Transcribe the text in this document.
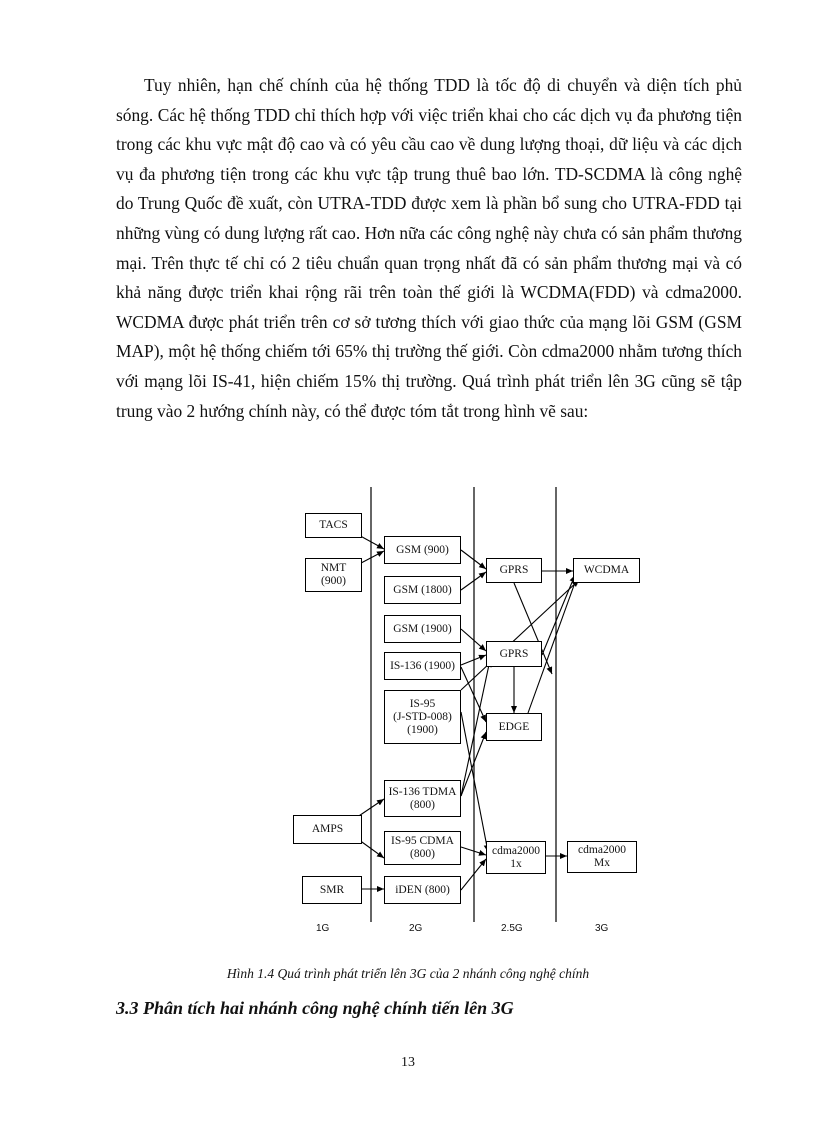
Tuy nhiên, hạn chế chính của hệ thống TDD là tốc độ di chuyển và diện tích phủ sóng. Các hệ thống TDD chỉ thích hợp với việc triển khai cho các dịch vụ đa phương tiện trong các khu vực mật độ cao và có yêu cầu cao về dung lượng thoại, dữ liệu và các dịch vụ đa phương tiện trong các khu vực tập trung thuê bao lớn. TD-SCDMA là công nghệ do Trung Quốc đề xuất, còn UTRA-TDD được xem là phần bổ sung cho UTRA-FDD tại những vùng có dung lượng rất cao. Hơn nữa các công nghệ này chưa có sản phẩm thương mại. Trên thực tế chỉ có 2 tiêu chuẩn quan trọng nhất đã có sản phẩm thương mại và có khả năng được triển khai rộng rãi trên toàn thế giới là WCDMA(FDD) và cdma2000. WCDMA được phát triển trên cơ sở tương thích với giao thức của mạng lõi GSM (GSM MAP), một hệ thống chiếm tới 65% thị trường thế giới. Còn cdma2000 nhằm tương thích với mạng lõi IS-41, hiện chiếm 15% thị trường. Quá trình phát triển lên 3G cũng sẽ tập trung vào 2 hướng chính này, có thể được tóm tắt trong hình vẽ sau:
TACS
NMT
(900)
AMPS
SMR
GSM (900)
GSM (1800)
GSM (1900)
IS-136 (1900)
IS-95
(J-STD-008)
(1900)
IS-136 TDMA
(800)
IS-95 CDMA
(800)
iDEN (800)
GPRS
GPRS
EDGE
cdma2000
1x
WCDMA
cdma2000
Mx
1G	2G	2.5G	3G
Hình 1.4 Quá trình phát triển lên 3G của 2 nhánh công nghệ chính
3.3 Phân tích hai nhánh công nghệ chính tiến lên 3G
13
